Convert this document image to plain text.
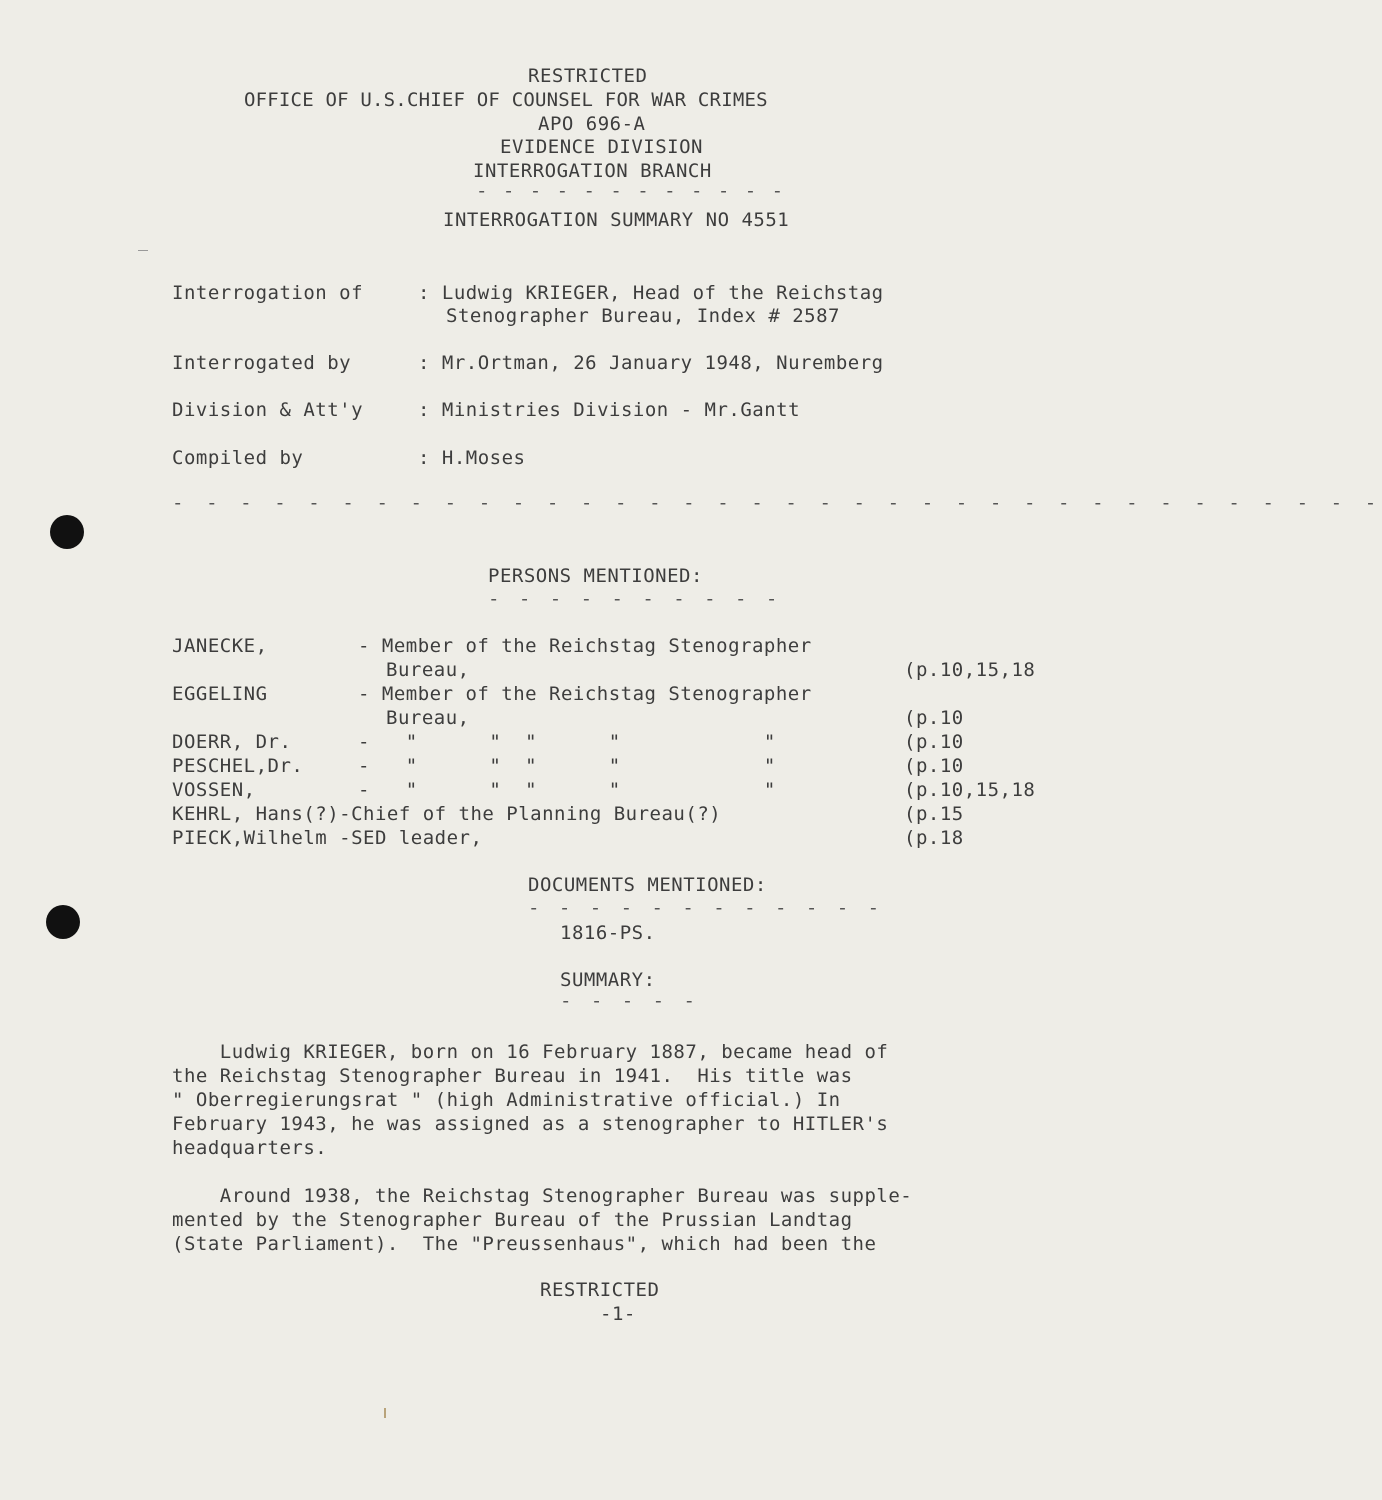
RESTRICTED
OFFICE OF U.S.CHIEF OF COUNSEL FOR WAR CRIMES
APO 696-A
EVIDENCE DIVISION
INTERROGATION BRANCH
- - - - - - - - - - - -
INTERROGATION SUMMARY NO 4551
Interrogation of	: Ludwig KRIEGER, Head of the Reichstag
Stenographer Bureau, Index # 2587
Interrogated by	: Mr.Ortman, 26 January 1948, Nuremberg
Division & Att'y	: Ministries Division - Mr.Gantt
Compiled by	: H.Moses
- - - - - - - - - - - - - - - - - - - - - - - - - - - - - - - - - - - -
PERSONS MENTIONED:
- - - - - - - - - -
JANECKE,	- Member of the Reichstag Stenographer
Bureau,	(p.10,15,18
EGGELING	- Member of the Reichstag Stenographer
Bureau,	(p.10
DOERR, Dr.	-   "      "  "      "            "	(p.10
PESCHEL,Dr.	-   "      "  "      "            "	(p.10
VOSSEN,	-   "      "  "      "            "	(p.10,15,18
KEHRL, Hans(?)-Chief of the Planning Bureau(?)	(p.15
PIECK,Wilhelm -SED leader,	(p.18
DOCUMENTS MENTIONED:
- - - - - - - - - - - -
1816-PS.
SUMMARY:
- - - - -
Ludwig KRIEGER, born on 16 February 1887, became head of
the Reichstag Stenographer Bureau in 1941.  His title was
" Oberregierungsrat " (high Administrative official.) In
February 1943, he was assigned as a stenographer to HITLER's
headquarters.
Around 1938, the Reichstag Stenographer Bureau was supple-
mented by the Stenographer Bureau of the Prussian Landtag
(State Parliament).  The "Preussenhaus", which had been the
RESTRICTED
-1-
